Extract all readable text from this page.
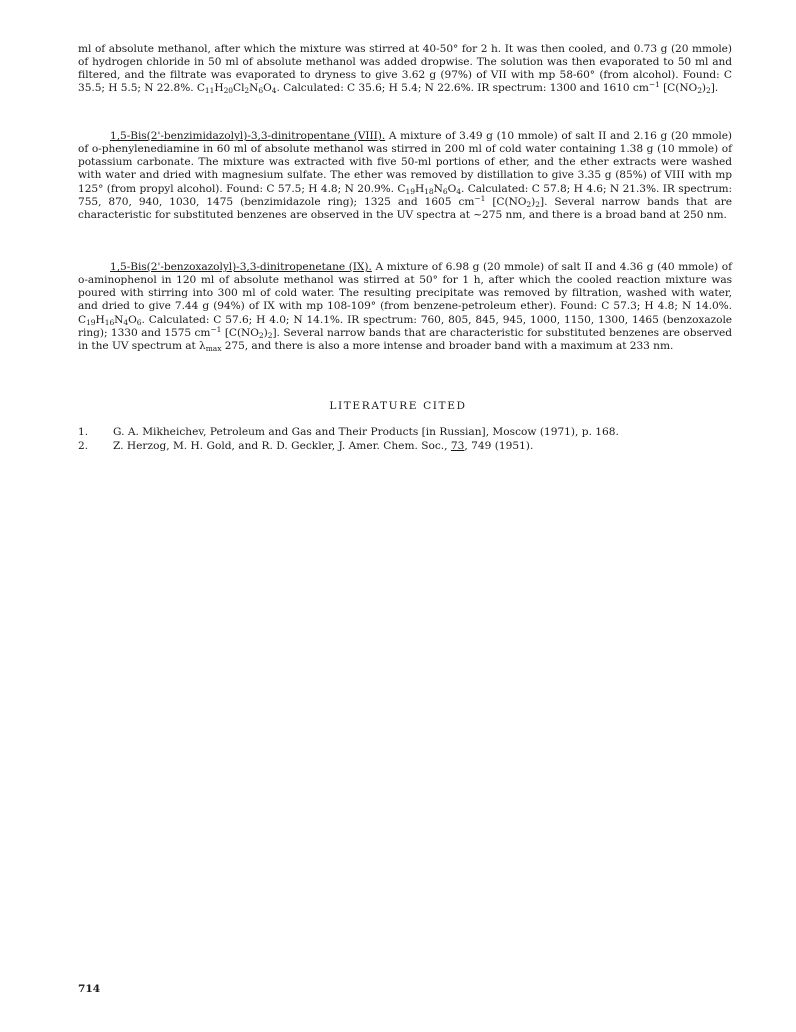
ml of absolute methanol, after which the mixture was stirred at 40-50° for 2 h. It was then cooled, and 0.73 g (20 mmole) of hydrogen chloride in 50 ml of absolute methanol was added dropwise. The solution was then evaporated to 50 ml and filtered, and the filtrate was evaporated to dryness to give 3.62 g (97%) of VII with mp 58-60° (from alcohol). Found: C 35.5; H 5.5; N 22.8%. $C_{11}H_{20}Cl_2N_6O_4$. Calculated: C 35.6; H 5.4; N 22.6%. IR spectrum: 1300 and 1610 $cm^{-1}$ $[C(NO_2)_2]$.
1,5-Bis(2'-benzimidazolyl)-3,3-dinitropentane (VIII). A mixture of 3.49 g (10 mmole) of salt II and 2.16 g (20 mmole) of o-phenylenediamine in 60 ml of absolute methanol was stirred in 200 ml of cold water containing 1.38 g (10 mmole) of potassium carbonate. The mixture was extracted with five 50-ml portions of ether, and the ether extracts were washed with water and dried with magnesium sulfate. The ether was removed by distillation to give 3.35 g (85%) of VIII with mp 125° (from propyl alcohol). Found: C 57.5; H 4.8; N 20.9%. $C_{19}H_{18}N_6O_4$. Calculated: C 57.8; H 4.6; N 21.3%. IR spectrum: 755, 870, 940, 1030, 1475 (benzimidazole ring); 1325 and 1605 $cm^{-1}$ $[C(NO_2)_2]$. Several narrow bands that are characteristic for substituted benzenes are observed in the UV spectra at ~275 nm, and there is a broad band at 250 nm.
1,5-Bis(2'-benzoxazolyl)-3,3-dinitropenetane (IX). A mixture of 6.98 g (20 mmole) of salt II and 4.36 g (40 mmole) of o-aminophenol in 120 ml of absolute methanol was stirred at 50° for 1 h, after which the cooled reaction mixture was poured with stirring into 300 ml of cold water. The resulting precipitate was removed by filtration, washed with water, and dried to give 7.44 g (94%) of IX with mp 108-109° (from benzene-petroleum ether). Found: C 57.3; H 4.8; N 14.0%. $C_{19}H_{16}N_4O_6$. Calculated: C 57.6; H 4.0; N 14.1%. IR spectrum: 760, 805, 845, 945, 1000, 1150, 1300, 1465 (benzoxazole ring); 1330 and 1575 $cm^{-1}$ $[C(NO_2)_2]$. Several narrow bands that are characteristic for substituted benzenes are observed in the UV spectrum at $\lambda_{max}$ 275, and there is also a more intense and broader band with a maximum at 233 nm.
LITERATURE CITED
1. G. A. Mikheichev, Petroleum and Gas and Their Products [in Russian], Moscow (1971), p. 168.
2. Z. Herzog, M. H. Gold, and R. D. Geckler, J. Amer. Chem. Soc., 73, 749 (1951).
714
